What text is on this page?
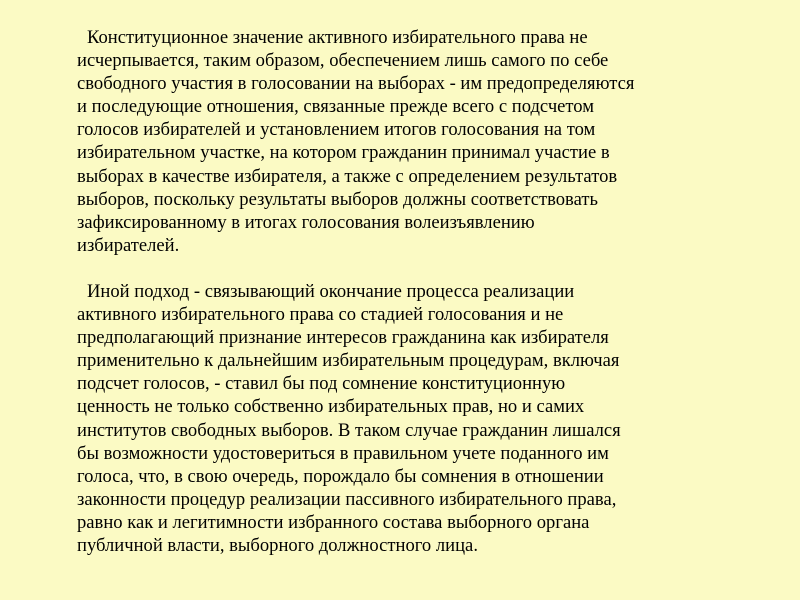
Конституционное значение активного избирательного права не
исчерпывается, таким образом, обеспечением лишь самого по себе
свободного участия в голосовании на выборах - им предопределяются
и последующие отношения, связанные прежде всего с подсчетом
голосов избирателей и установлением итогов голосования на том
избирательном участке, на котором гражданин принимал участие в
выборах в качестве избирателя, а также с определением результатов
выборов, поскольку результаты выборов должны соответствовать
зафиксированному в итогах голосования волеизъявлению
избирателей.

Иной подход - связывающий окончание процесса реализации
активного избирательного права со стадией голосования и не
предполагающий признание интересов гражданина как избирателя
применительно к дальнейшим избирательным процедурам, включая
подсчет голосов, - ставил бы под сомнение конституционную
ценность не только собственно избирательных прав, но и самих
институтов свободных выборов. В таком случае гражданин лишался
бы возможности удостовериться в правильном учете поданного им
голоса, что, в свою очередь, порождало бы сомнения в отношении
законности процедур реализации пассивного избирательного права,
равно как и легитимности избранного состава выборного органа
публичной власти, выборного должностного лица.
